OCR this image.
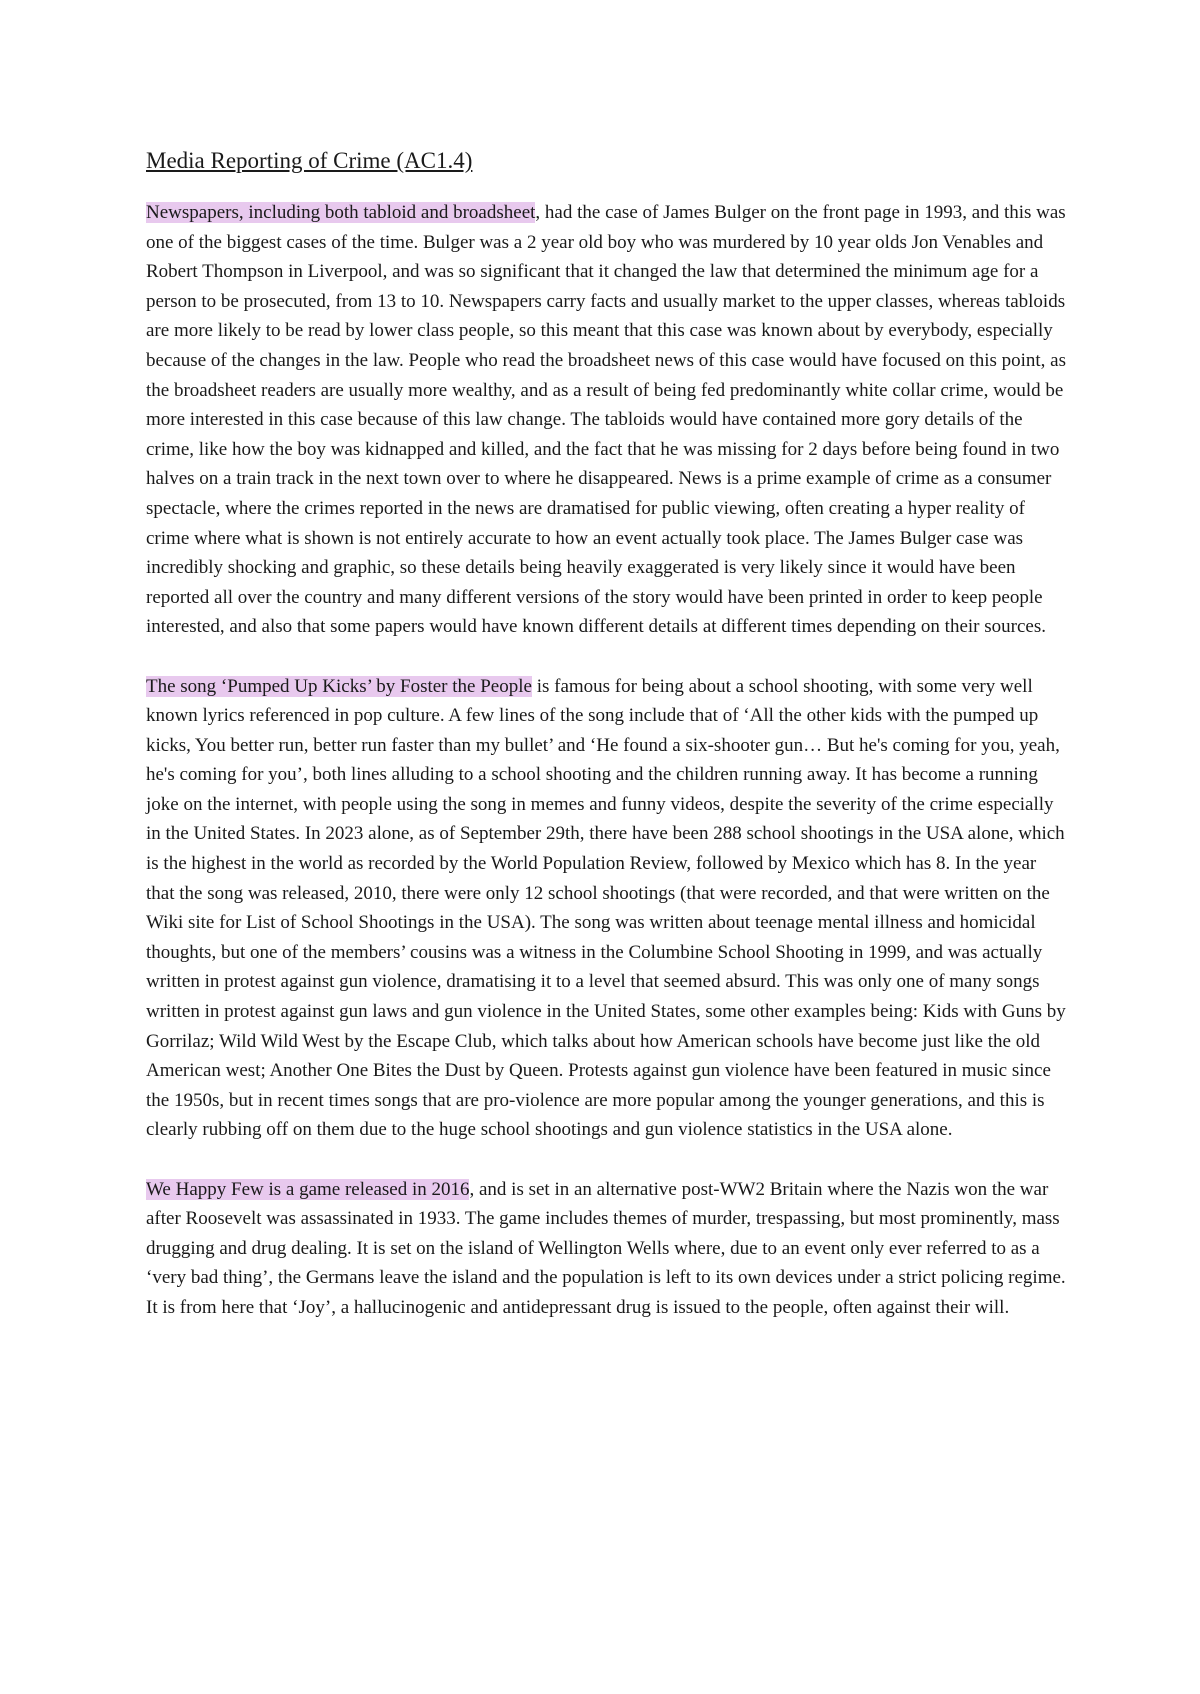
Media Reporting of Crime (AC1.4)

Newspapers, including both tabloid and broadsheet, had the case of James Bulger on the front page in 1993, and this was one of the biggest cases of the time. Bulger was a 2 year old boy who was murdered by 10 year olds Jon Venables and Robert Thompson in Liverpool, and was so significant that it changed the law that determined the minimum age for a person to be prosecuted, from 13 to 10. Newspapers carry facts and usually market to the upper classes, whereas tabloids are more likely to be read by lower class people, so this meant that this case was known about by everybody, especially because of the changes in the law. People who read the broadsheet news of this case would have focused on this point, as the broadsheet readers are usually more wealthy, and as a result of being fed predominantly white collar crime, would be more interested in this case because of this law change. The tabloids would have contained more gory details of the crime, like how the boy was kidnapped and killed, and the fact that he was missing for 2 days before being found in two halves on a train track in the next town over to where he disappeared. News is a prime example of crime as a consumer spectacle, where the crimes reported in the news are dramatised for public viewing, often creating a hyper reality of crime where what is shown is not entirely accurate to how an event actually took place. The James Bulger case was incredibly shocking and graphic, so these details being heavily exaggerated is very likely since it would have been reported all over the country and many different versions of the story would have been printed in order to keep people interested, and also that some papers would have known different details at different times depending on their sources.

The song ‘Pumped Up Kicks’ by Foster the People is famous for being about a school shooting, with some very well known lyrics referenced in pop culture. A few lines of the song include that of ‘All the other kids with the pumped up kicks, You better run, better run faster than my bullet’ and ‘He found a six-shooter gun… But he's coming for you, yeah, he's coming for you’, both lines alluding to a school shooting and the children running away. It has become a running joke on the internet, with people using the song in memes and funny videos, despite the severity of the crime especially in the United States. In 2023 alone, as of September 29th, there have been 288 school shootings in the USA alone, which is the highest in the world as recorded by the World Population Review, followed by Mexico which has 8. In the year that the song was released, 2010, there were only 12 school shootings (that were recorded, and that were written on the Wiki site for List of School Shootings in the USA). The song was written about teenage mental illness and homicidal thoughts, but one of the members’ cousins was a witness in the Columbine School Shooting in 1999, and was actually written in protest against gun violence, dramatising it to a level that seemed absurd. This was only one of many songs written in protest against gun laws and gun violence in the United States, some other examples being: Kids with Guns by Gorrilaz; Wild Wild West by the Escape Club, which talks about how American schools have become just like the old American west; Another One Bites the Dust by Queen. Protests against gun violence have been featured in music since the 1950s, but in recent times songs that are pro-violence are more popular among the younger generations, and this is clearly rubbing off on them due to the huge school shootings and gun violence statistics in the USA alone.

We Happy Few is a game released in 2016, and is set in an alternative post-WW2 Britain where the Nazis won the war after Roosevelt was assassinated in 1933. The game includes themes of murder, trespassing, but most prominently, mass drugging and drug dealing. It is set on the island of Wellington Wells where, due to an event only ever referred to as a ‘very bad thing’, the Germans leave the island and the population is left to its own devices under a strict policing regime. It is from here that ‘Joy’, a hallucinogenic and antidepressant drug is issued to the people, often against their will.
